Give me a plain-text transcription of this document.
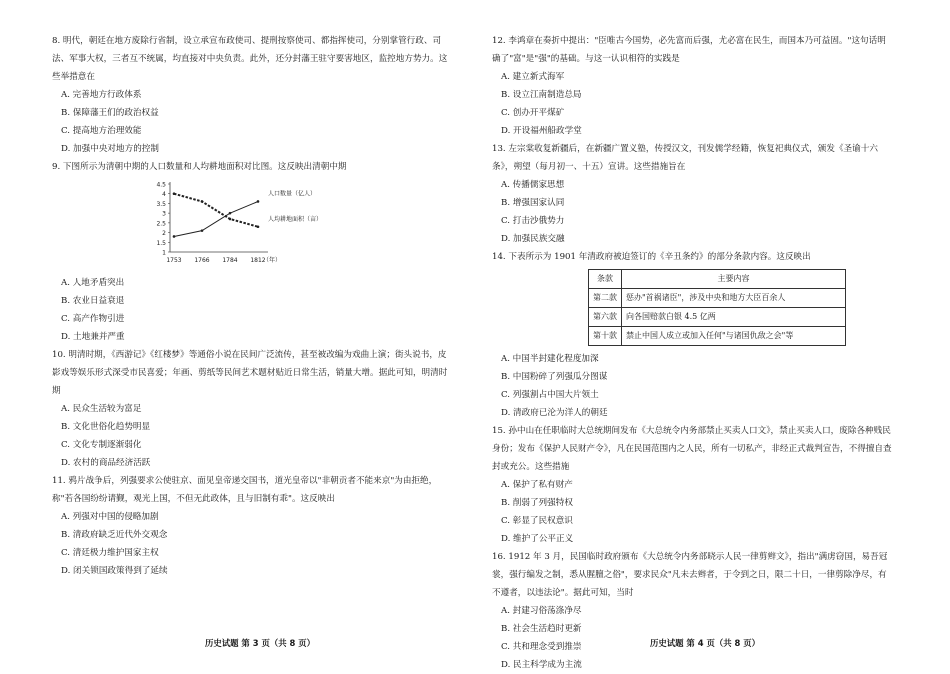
8. 明代，朝廷在地方废除行省制，设立承宣布政使司、提刑按察使司、都指挥使司，分别掌管行政、司法、军事大权，三者互不统属，均直接对中央负责。此外，还分封藩王驻守要害地区，监控地方势力。这些举措意在

A. 完善地方行政体系

B. 保障藩王们的政治权益

C. 提高地方治理效能

D. 加强中央对地方的控制

9. 下图所示为清朝中期的人口数量和人均耕地面积对比图。这反映出清朝中期

1
1.5
2
2.5
3
3.5
4
4.5
1753 1766 1784 1812
（年）
人口数量（亿人）
人均耕地面积（亩）

A. 人地矛盾突出

B. 农业日益衰退

C. 高产作物引进

D. 土地兼并严重

10. 明清时期，《西游记》《红楼梦》等通俗小说在民间广泛流传，甚至被改编为戏曲上演；街头说书，皮影戏等娱乐形式深受市民喜爱；年画、剪纸等民间艺术题材贴近日常生活，销量大增。据此可知，明清时期

A. 民众生活较为富足

B. 文化世俗化趋势明显

C. 文化专制逐渐弱化

D. 农村的商品经济活跃

11. 鸦片战争后，列强要求公使驻京、面见皇帝递交国书，道光皇帝以"非朝贡者不能来京"为由拒绝，称"若各国纷纷请觐，观光上国，不但无此政体，且与旧制有乖"。这反映出

A. 列强对中国的侵略加剧

B. 清政府缺乏近代外交观念

C. 清廷极力维护国家主权

D. 闭关锁国政策得到了延续

历史试题 第 3 页（共 8 页）

12. 李鸿章在奏折中提出："臣唯古今国势，必先富而后强，尤必富在民生，而国本乃可益固。"这句话明确了"富"是"强"的基础。与这一认识相符的实践是

A. 建立新式海军

B. 设立江南制造总局

C. 创办开平煤矿

D. 开设福州船政学堂

13. 左宗棠收复新疆后，在新疆广置义塾，传授汉文，刊发儒学经籍，恢复祀典仪式，颁发《圣谕十六条》，朔望（每月初一、十五）宣讲。这些措施旨在

A. 传播儒家思想

B. 增强国家认同

C. 打击沙俄势力

D. 加强民族交融

14. 下表所示为 1901 年清政府被迫签订的《辛丑条约》的部分条款内容。这反映出

条款	主要内容
第二款	惩办"首祸诸臣"，涉及中央和地方大臣百余人
第六款	向各国赔款白银 4.5 亿两
第十款	禁止中国人成立或加入任何"与诸国仇敌之会"等

A. 中国半封建化程度加深

B. 中国粉碎了列强瓜分图谋

C. 列强割占中国大片领土

D. 清政府已沦为洋人的朝廷

15. 孙中山在任职临时大总统期间发布《大总统令内务部禁止买卖人口文》，禁止买卖人口，废除各种贱民身份；发布《保护人民财产令》，凡在民国范围内之人民，所有一切私产，非经正式裁判宣告，不得擅自查封或充公。这些措施

A. 保护了私有财产

B. 削弱了列强特权

C. 彰显了民权意识

D. 维护了公平正义

16. 1912 年 3 月，民国临时政府颁布《大总统令内务部晓示人民一律剪辫文》，指出"满虏窃国，易吾冠裳，强行编发之制，悉从腥膻之俗"，要求民众"凡未去辫者，于令到之日，限二十日，一律剪除净尽，有不遵者，以违法论"。据此可知，当时

A. 封建习俗荡涤净尽

B. 社会生活趋时更新

C. 共和理念受到推崇

D. 民主科学成为主流

历史试题 第 4 页（共 8 页）
